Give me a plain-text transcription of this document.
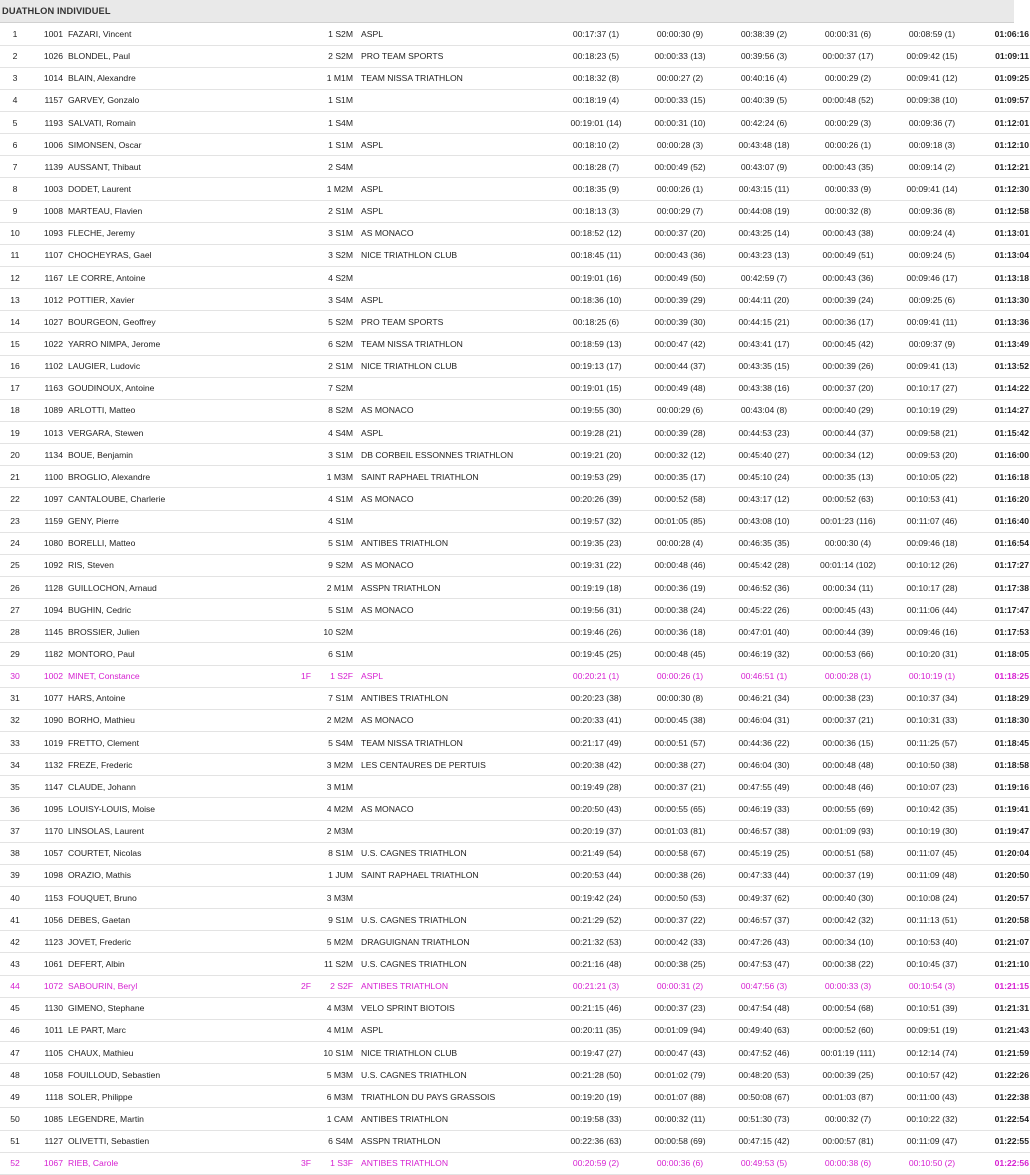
DUATHLON INDIVIDUEL
1	1001	FAZARI, Vincent		1 S2M	ASPL	00:17:37 (1)	00:00:30 (9)	00:38:39 (2)	00:00:31 (6)	00:08:59 (1)	01:06:16
2	1026	BLONDEL, Paul		2 S2M	PRO TEAM SPORTS	00:18:23 (5)	00:00:33 (13)	00:39:56 (3)	00:00:37 (17)	00:09:42 (15)	01:09:11
3	1014	BLAIN, Alexandre		1 M1M	TEAM NISSA TRIATHLON	00:18:32 (8)	00:00:27 (2)	00:40:16 (4)	00:00:29 (2)	00:09:41 (12)	01:09:25
4	1157	GARVEY, Gonzalo		1 S1M		00:18:19 (4)	00:00:33 (15)	00:40:39 (5)	00:00:48 (52)	00:09:38 (10)	01:09:57
5	1193	SALVATI, Romain		1 S4M		00:19:01 (14)	00:00:31 (10)	00:42:24 (6)	00:00:29 (3)	00:09:36 (7)	01:12:01
6	1006	SIMONSEN, Oscar		1 S1M	ASPL	00:18:10 (2)	00:00:28 (3)	00:43:48 (18)	00:00:26 (1)	00:09:18 (3)	01:12:10
7	1139	AUSSANT, Thibaut		2 S4M		00:18:28 (7)	00:00:49 (52)	00:43:07 (9)	00:00:43 (35)	00:09:14 (2)	01:12:21
8	1003	DODET, Laurent		1 M2M	ASPL	00:18:35 (9)	00:00:26 (1)	00:43:15 (11)	00:00:33 (9)	00:09:41 (14)	01:12:30
9	1008	MARTEAU, Flavien		2 S1M	ASPL	00:18:13 (3)	00:00:29 (7)	00:44:08 (19)	00:00:32 (8)	00:09:36 (8)	01:12:58
10	1093	FLECHE, Jeremy		3 S1M	AS MONACO	00:18:52 (12)	00:00:37 (20)	00:43:25 (14)	00:00:43 (38)	00:09:24 (4)	01:13:01
11	1107	CHOCHEYRAS, Gael		3 S2M	NICE TRIATHLON CLUB	00:18:45 (11)	00:00:43 (36)	00:43:23 (13)	00:00:49 (51)	00:09:24 (5)	01:13:04
12	1167	LE CORRE, Antoine		4 S2M		00:19:01 (16)	00:00:49 (50)	00:42:59 (7)	00:00:43 (36)	00:09:46 (17)	01:13:18
13	1012	POTTIER, Xavier		3 S4M	ASPL	00:18:36 (10)	00:00:39 (29)	00:44:11 (20)	00:00:39 (24)	00:09:25 (6)	01:13:30
14	1027	BOURGEON, Geoffrey		5 S2M	PRO TEAM SPORTS	00:18:25 (6)	00:00:39 (30)	00:44:15 (21)	00:00:36 (17)	00:09:41 (11)	01:13:36
15	1022	YARRO NIMPA, Jerome		6 S2M	TEAM NISSA TRIATHLON	00:18:59 (13)	00:00:47 (42)	00:43:41 (17)	00:00:45 (42)	00:09:37 (9)	01:13:49
16	1102	LAUGIER, Ludovic		2 S1M	NICE TRIATHLON CLUB	00:19:13 (17)	00:00:44 (37)	00:43:35 (15)	00:00:39 (26)	00:09:41 (13)	01:13:52
17	1163	GOUDINOUX, Antoine		7 S2M		00:19:01 (15)	00:00:49 (48)	00:43:38 (16)	00:00:37 (20)	00:10:17 (27)	01:14:22
18	1089	ARLOTTI, Matteo		8 S2M	AS MONACO	00:19:55 (30)	00:00:29 (6)	00:43:04 (8)	00:00:40 (29)	00:10:19 (29)	01:14:27
19	1013	VERGARA, Stewen		4 S4M	ASPL	00:19:28 (21)	00:00:39 (28)	00:44:53 (23)	00:00:44 (37)	00:09:58 (21)	01:15:42
20	1134	BOUE, Benjamin		3 S1M	DB CORBEIL ESSONNES TRIATHLON	00:19:21 (20)	00:00:32 (12)	00:45:40 (27)	00:00:34 (12)	00:09:53 (20)	01:16:00
21	1100	BROGLIO, Alexandre		1 M3M	SAINT RAPHAEL TRIATHLON	00:19:53 (29)	00:00:35 (17)	00:45:10 (24)	00:00:35 (13)	00:10:05 (22)	01:16:18
22	1097	CANTALOUBE, Charlerie		4 S1M	AS MONACO	00:20:26 (39)	00:00:52 (58)	00:43:17 (12)	00:00:52 (63)	00:10:53 (41)	01:16:20
23	1159	GENY, Pierre		4 S1M		00:19:57 (32)	00:01:05 (85)	00:43:08 (10)	00:01:23 (116)	00:11:07 (46)	01:16:40
24	1080	BORELLI, Matteo		5 S1M	ANTIBES TRIATHLON	00:19:35 (23)	00:00:28 (4)	00:46:35 (35)	00:00:30 (4)	00:09:46 (18)	01:16:54
25	1092	RIS, Steven		9 S2M	AS MONACO	00:19:31 (22)	00:00:48 (46)	00:45:42 (28)	00:01:14 (102)	00:10:12 (26)	01:17:27
26	1128	GUILLOCHON, Arnaud		2 M1M	ASSPN TRIATHLON	00:19:19 (18)	00:00:36 (19)	00:46:52 (36)	00:00:34 (11)	00:10:17 (28)	01:17:38
27	1094	BUGHIN, Cedric		5 S1M	AS MONACO	00:19:56 (31)	00:00:38 (24)	00:45:22 (26)	00:00:45 (43)	00:11:06 (44)	01:17:47
28	1145	BROSSIER, Julien		10 S2M		00:19:46 (26)	00:00:36 (18)	00:47:01 (40)	00:00:44 (39)	00:09:46 (16)	01:17:53
29	1182	MONTORO, Paul		6 S1M		00:19:45 (25)	00:00:48 (45)	00:46:19 (32)	00:00:53 (66)	00:10:20 (31)	01:18:05
30	1002	MINET, Constance	1F	1 S2F	ASPL	00:20:21 (1)	00:00:26 (1)	00:46:51 (1)	00:00:28 (1)	00:10:19 (1)	01:18:25
31	1077	HARS, Antoine		7 S1M	ANTIBES TRIATHLON	00:20:23 (38)	00:00:30 (8)	00:46:21 (34)	00:00:38 (23)	00:10:37 (34)	01:18:29
32	1090	BORHO, Mathieu		2 M2M	AS MONACO	00:20:33 (41)	00:00:45 (38)	00:46:04 (31)	00:00:37 (21)	00:10:31 (33)	01:18:30
33	1019	FRETTO, Clement		5 S4M	TEAM NISSA TRIATHLON	00:21:17 (49)	00:00:51 (57)	00:44:36 (22)	00:00:36 (15)	00:11:25 (57)	01:18:45
34	1132	FREZE, Frederic		3 M2M	LES CENTAURES DE PERTUIS	00:20:38 (42)	00:00:38 (27)	00:46:04 (30)	00:00:48 (48)	00:10:50 (38)	01:18:58
35	1147	CLAUDE, Johann		3 M1M		00:19:49 (28)	00:00:37 (21)	00:47:55 (49)	00:00:48 (46)	00:10:07 (23)	01:19:16
36	1095	LOUISY-LOUIS, Moise		4 M2M	AS MONACO	00:20:50 (43)	00:00:55 (65)	00:46:19 (33)	00:00:55 (69)	00:10:42 (35)	01:19:41
37	1170	LINSOLAS, Laurent		2 M3M		00:20:19 (37)	00:01:03 (81)	00:46:57 (38)	00:01:09 (93)	00:10:19 (30)	01:19:47
38	1057	COURTET, Nicolas		8 S1M	U.S. CAGNES TRIATHLON	00:21:49 (54)	00:00:58 (67)	00:45:19 (25)	00:00:51 (58)	00:11:07 (45)	01:20:04
39	1098	ORAZIO, Mathis		1 JUM	SAINT RAPHAEL TRIATHLON	00:20:53 (44)	00:00:38 (26)	00:47:33 (44)	00:00:37 (19)	00:11:09 (48)	01:20:50
40	1153	FOUQUET, Bruno		3 M3M		00:19:42 (24)	00:00:50 (53)	00:49:37 (62)	00:00:40 (30)	00:10:08 (24)	01:20:57
41	1056	DEBES, Gaetan		9 S1M	U.S. CAGNES TRIATHLON	00:21:29 (52)	00:00:37 (22)	00:46:57 (37)	00:00:42 (32)	00:11:13 (51)	01:20:58
42	1123	JOVET, Frederic		5 M2M	DRAGUIGNAN TRIATHLON	00:21:32 (53)	00:00:42 (33)	00:47:26 (43)	00:00:34 (10)	00:10:53 (40)	01:21:07
43	1061	DEFERT, Albin		11 S2M	U.S. CAGNES TRIATHLON	00:21:16 (48)	00:00:38 (25)	00:47:53 (47)	00:00:38 (22)	00:10:45 (37)	01:21:10
44	1072	SABOURIN, Beryl	2F	2 S2F	ANTIBES TRIATHLON	00:21:21 (3)	00:00:31 (2)	00:47:56 (3)	00:00:33 (3)	00:10:54 (3)	01:21:15
45	1130	GIMENO, Stephane		4 M3M	VELO SPRINT BIOTOIS	00:21:15 (46)	00:00:37 (23)	00:47:54 (48)	00:00:54 (68)	00:10:51 (39)	01:21:31
46	1011	LE PART, Marc		4 M1M	ASPL	00:20:11 (35)	00:01:09 (94)	00:49:40 (63)	00:00:52 (60)	00:09:51 (19)	01:21:43
47	1105	CHAUX, Mathieu		10 S1M	NICE TRIATHLON CLUB	00:19:47 (27)	00:00:47 (43)	00:47:52 (46)	00:01:19 (111)	00:12:14 (74)	01:21:59
48	1058	FOUILLOUD, Sebastien		5 M3M	U.S. CAGNES TRIATHLON	00:21:28 (50)	00:01:02 (79)	00:48:20 (53)	00:00:39 (25)	00:10:57 (42)	01:22:26
49	1118	SOLER, Philippe		6 M3M	TRIATHLON DU PAYS GRASSOIS	00:19:20 (19)	00:01:07 (88)	00:50:08 (67)	00:01:03 (87)	00:11:00 (43)	01:22:38
50	1085	LEGENDRE, Martin		1 CAM	ANTIBES TRIATHLON	00:19:58 (33)	00:00:32 (11)	00:51:30 (73)	00:00:32 (7)	00:10:22 (32)	01:22:54
51	1127	OLIVETTI, Sebastien		6 S4M	ASSPN TRIATHLON	00:22:36 (63)	00:00:58 (69)	00:47:15 (42)	00:00:57 (81)	00:11:09 (47)	01:22:55
52	1067	RIEB, Carole	3F	1 S3F	ANTIBES TRIATHLON	00:20:59 (2)	00:00:36 (6)	00:49:53 (5)	00:00:38 (6)	00:10:50 (2)	01:22:56
